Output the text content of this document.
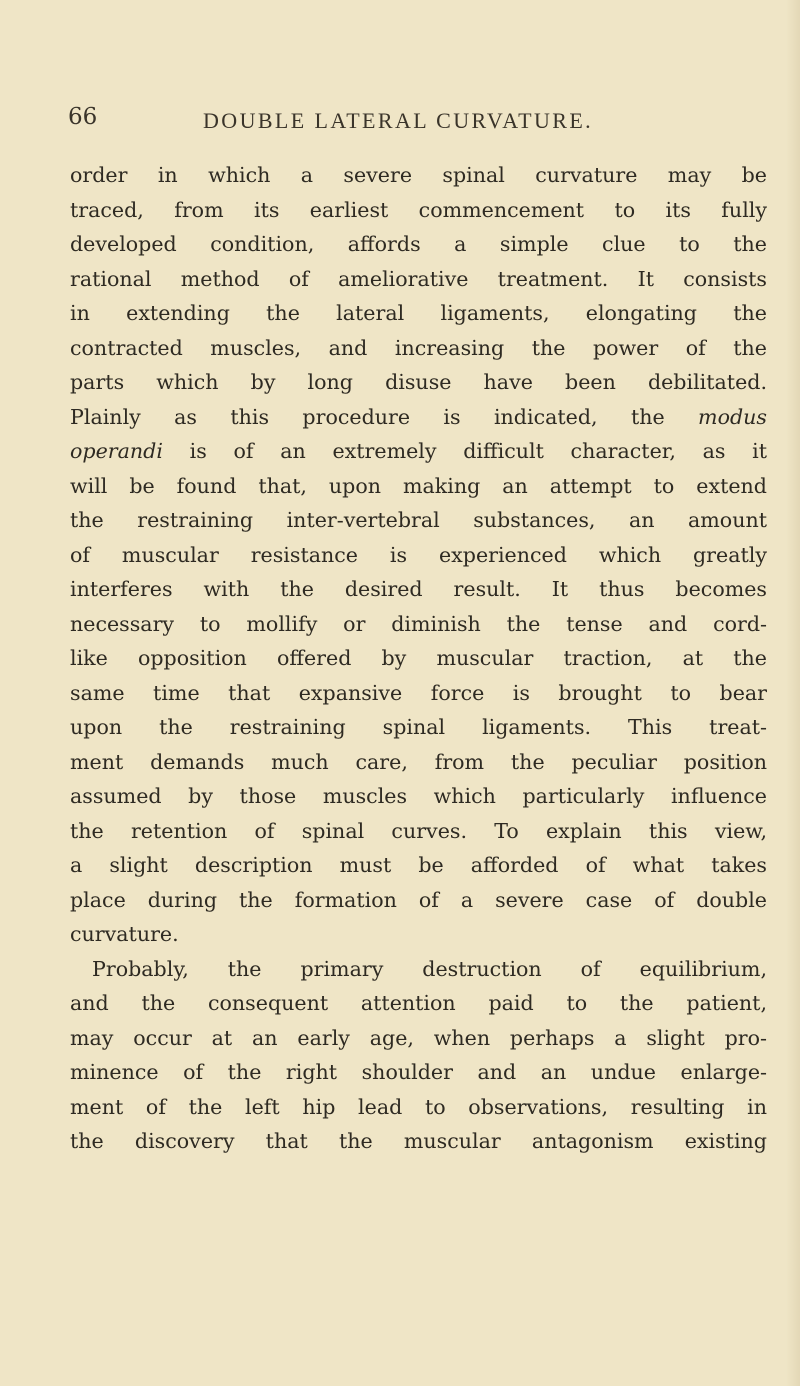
66	DOUBLE LATERAL CURVATURE.

order in which a severe spinal curvature may be

traced, from its earliest commencement to its fully

developed condition, affords a simple clue to the

rational method of ameliorative treatment. It consists

in extending the lateral ligaments, elongating the

contracted muscles, and increasing the power of the

parts which by long disuse have been debilitated.

Plainly as this procedure is indicated, the modus

operandi is of an extremely difficult character, as it

will be found that, upon making an attempt to extend

the restraining inter-vertebral substances, an amount

of muscular resistance is experienced which greatly

interferes with the desired result. It thus becomes

necessary to mollify or diminish the tense and cord-

like opposition offered by muscular traction, at the

same time that expansive force is brought to bear

upon the restraining spinal ligaments. This treat-

ment demands much care, from the peculiar position

assumed by those muscles which particularly influence

the retention of spinal curves. To explain this view,

a slight description must be afforded of what takes

place during the formation of a severe case of double

curvature.

Probably, the primary destruction of equilibrium,

and the consequent attention paid to the patient,

may occur at an early age, when perhaps a slight pro-

minence of the right shoulder and an undue enlarge-

ment of the left hip lead to observations, resulting in

the discovery that the muscular antagonism existing
